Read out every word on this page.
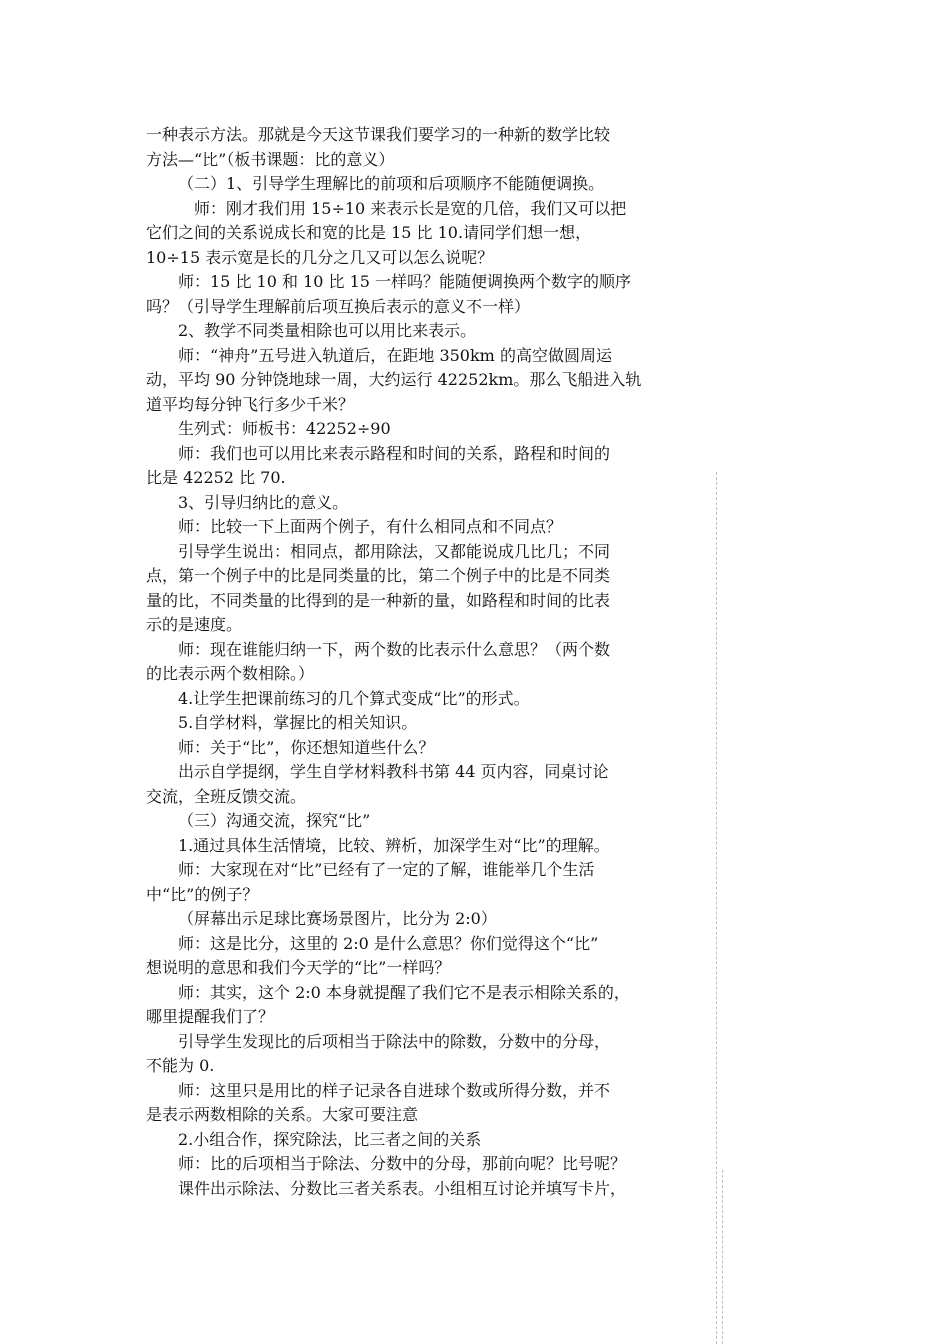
一种表示方法。那就是今天这节课我们要学习的一种新的数学比较
方法—“比”（板书课题：比的意义）
（二）1、引导学生理解比的前项和后项顺序不能随便调换。
师：刚才我们用 15÷10 来表示长是宽的几倍，我们又可以把
它们之间的关系说成长和宽的比是 15 比 10.请同学们想一想，
10÷15 表示宽是长的几分之几又可以怎么说呢？
师：15 比 10 和 10 比 15 一样吗？能随便调换两个数字的顺序
吗？（引导学生理解前后项互换后表示的意义不一样）
2、教学不同类量相除也可以用比来表示。
师：“神舟”五号进入轨道后，在距地 350km 的高空做圆周运
动，平均 90 分钟饶地球一周，大约运行 42252km。那么飞船进入轨
道平均每分钟飞行多少千米？
生列式：师板书：42252÷90
师：我们也可以用比来表示路程和时间的关系，路程和时间的
比是 42252 比 70.
3、引导归纳比的意义。
师：比较一下上面两个例子，有什么相同点和不同点？
引导学生说出：相同点，都用除法，又都能说成几比几；不同
点，第一个例子中的比是同类量的比，第二个例子中的比是不同类
量的比，不同类量的比得到的是一种新的量，如路程和时间的比表
示的是速度。
师：现在谁能归纳一下，两个数的比表示什么意思？（两个数
的比表示两个数相除。）
4.让学生把课前练习的几个算式变成“比”的形式。
5.自学材料，掌握比的相关知识。
师：关于“比”，你还想知道些什么？
出示自学提纲，学生自学材料教科书第 44 页内容，同桌讨论
交流，全班反馈交流。
（三）沟通交流，探究“比”
1.通过具体生活情境，比较、辨析，加深学生对“比”的理解。
师：大家现在对“比”已经有了一定的了解，谁能举几个生活
中“比”的例子？
（屏幕出示足球比赛场景图片，比分为 2:0）
师：这是比分，这里的 2:0 是什么意思？你们觉得这个“比”
想说明的意思和我们今天学的“比”一样吗？
师：其实，这个 2:0 本身就提醒了我们它不是表示相除关系的，
哪里提醒我们了？
引导学生发现比的后项相当于除法中的除数，分数中的分母，
不能为 0.
师：这里只是用比的样子记录各自进球个数或所得分数，并不
是表示两数相除的关系。大家可要注意
2.小组合作，探究除法，比三者之间的关系
师：比的后项相当于除法、分数中的分母，那前向呢？比号呢？
课件出示除法、分数比三者关系表。小组相互讨论并填写卡片，
